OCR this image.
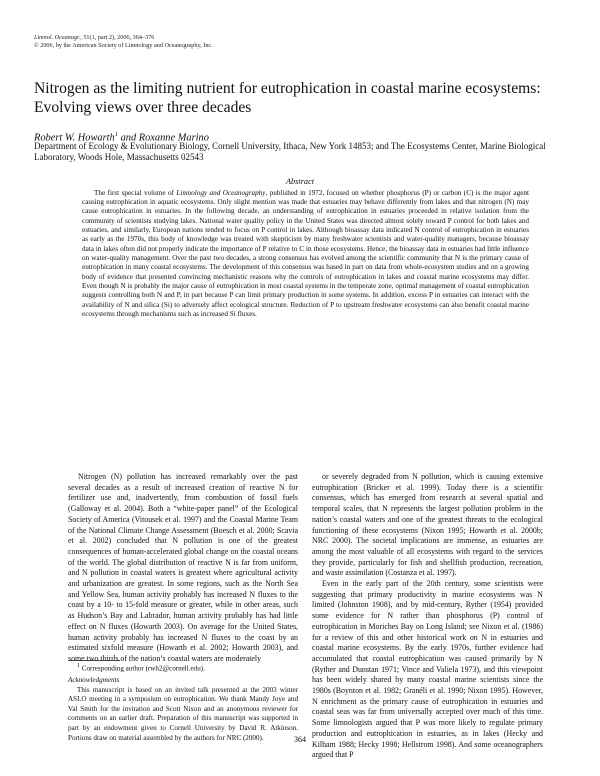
Limnol. Oceanogr., 51(1, part 2), 2006, 364–376
© 2006, by the American Society of Limnology and Oceanography, Inc.
Nitrogen as the limiting nutrient for eutrophication in coastal marine ecosystems: Evolving views over three decades
Robert W. Howarth$^1$ and Roxanne Marino
Department of Ecology & Evolutionary Biology, Cornell University, Ithaca, New York 14853; and The Ecosystems Center, Marine Biological Laboratory, Woods Hole, Massachusetts 02543
Abstract

The first special volume of Limnology and Oceanography, published in 1972, focused on whether phosphorus (P) or carbon (C) is the major agent causing eutrophication in aquatic ecosystems. Only slight mention was made that estuaries may behave differently from lakes and that nitrogen (N) may cause eutrophication in estuaries. In the following decade, an understanding of eutrophication in estuaries proceeded in relative isolation from the community of scientists studying lakes. National water quality policy in the United States was directed almost solely toward P control for both lakes and estuaries, and similarly, European nations tended to focus on P control in lakes. Although bioassay data indicated N control of eutrophication in estuaries as early as the 1970s, this body of knowledge was treated with skepticism by many freshwater scientists and water-quality managers, because bioassay data in lakes often did not properly indicate the importance of P relative to C in those ecosystems. Hence, the bioassay data in estuaries had little influence on water-quality management. Over the past two decades, a strong consensus has evolved among the scientific community that N is the primary cause of eutrophication in many coastal ecosystems. The development of this consensus was based in part on data from whole-ecosystem studies and on a growing body of evidence that presented convincing mechanistic reasons why the controls of eutrophication in lakes and coastal marine ecosystems may differ. Even though N is probably the major cause of eutrophication in most coastal systems in the temperate zone, optimal management of coastal eutrophication suggests controlling both N and P, in part because P can limit primary production in some systems. In addition, excess P in estuaries can interact with the availability of N and silica (Si) to adversely affect ecological structure. Reduction of P to upstream freshwater ecosystems can also benefit coastal marine ecosystems through mechanisms such as increased Si fluxes.

Nitrogen (N) pollution has increased remarkably over the past several decades as a result of increased creation of reactive N for fertilizer use and, inadvertently, from combustion of fossil fuels (Galloway et al. 2004). Both a “white-paper panel” of the Ecological Society of America (Vitousek et al. 1997) and the Coastal Marine Team of the National Climate Change Assessment (Boesch et al. 2000; Scavia et al. 2002) concluded that N pollution is one of the greatest consequences of human-accelerated global change on the coastal oceans of the world. The global distribution of reactive N is far from uniform, and N pollution in coastal waters is greatest where agricultural activity and urbanization are greatest. In some regions, such as the North Sea and Yellow Sea, human activity probably has increased N fluxes to the coast by a 10- to 15-fold measure or greater, while in other areas, such as Hudson’s Bay and Labrador, human activity probably has had little effect on N fluxes (Howarth 2003). On average for the United States, human activity probably has increased N fluxes to the coast by an estimated sixfold measure (Howarth et al. 2002; Howarth 2003), and some two thirds of the nation’s coastal waters are moderately

or severely degraded from N pollution, which is causing extensive eutrophication (Bricker et al. 1999). Today there is a scientific consensus, which has emerged from research at several spatial and temporal scales, that N represents the largest pollution problem in the nation’s coastal waters and one of the greatest threats to the ecological functioning of these ecosystems (Nixon 1995; Howarth et al. 2000b; NRC 2000). The societal implications are immense, as estuaries are among the most valuable of all ecosystems with regard to the services they provide, particularly for fish and shellfish production, recreation, and waste assimilation (Costanza et al. 1997).

Even in the early part of the 20th century, some scientists were suggesting that primary productivity in marine ecosystems was N limited (Johnston 1908), and by mid-century, Ryther (1954) provided some evidence for N rather than phosphorus (P) control of eutrophication in Moriches Bay on Long Island; see Nixon et al. (1986) for a review of this and other historical work on N in estuaries and coastal marine ecosystems. By the early 1970s, further evidence had accumulated that coastal eutrophication was caused primarily by N (Ryther and Dunstan 1971; Vince and Valiela 1973), and this viewpoint has been widely shared by many coastal marine scientists since the 1980s (Boynton et al. 1982; Granéli et al. 1990; Nixon 1995). However, N enrichment as the primary cause of eutrophication in estuaries and coastal seas was far from universally accepted over much of this time. Some limnologists argued that P was more likely to regulate primary production and eutrophication in estuaries, as in lakes (Hecky and Kilham 1988; Hecky 1998; Hellstrom 1998). And some oceanographers argued that P

$^1$ Corresponding author (rwh2@cornell.edu).

Acknowledgments

This manuscript is based on an invited talk presented at the 2003 winter ASLO meeting in a symposium on eutrophication. We thank Mandy Joye and Val Smith for the invitation and Scott Nixon and an anonymous reviewer for comments on an earlier draft. Preparation of this manuscript was supported in part by an endowment given to Cornell University by David R. Atkinson. Portions draw on material assembled by the authors for NRC (2000).	364
